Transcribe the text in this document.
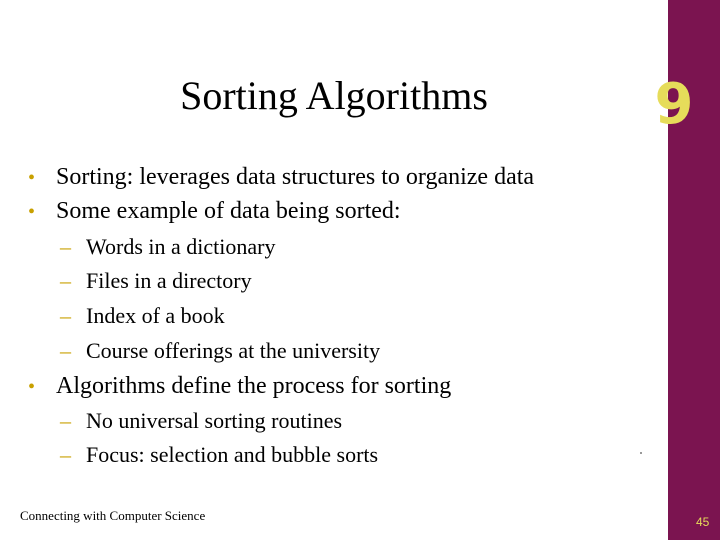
9
Sorting Algorithms
• Sorting: leverages data structures to organize data
• Some example of data being sorted:
– Words in a dictionary
– Files in a directory
– Index of a book
– Course offerings at the university
• Algorithms define the process for sorting
– No universal sorting routines
– Focus: selection and bubble sorts
Connecting with Computer Science	45
